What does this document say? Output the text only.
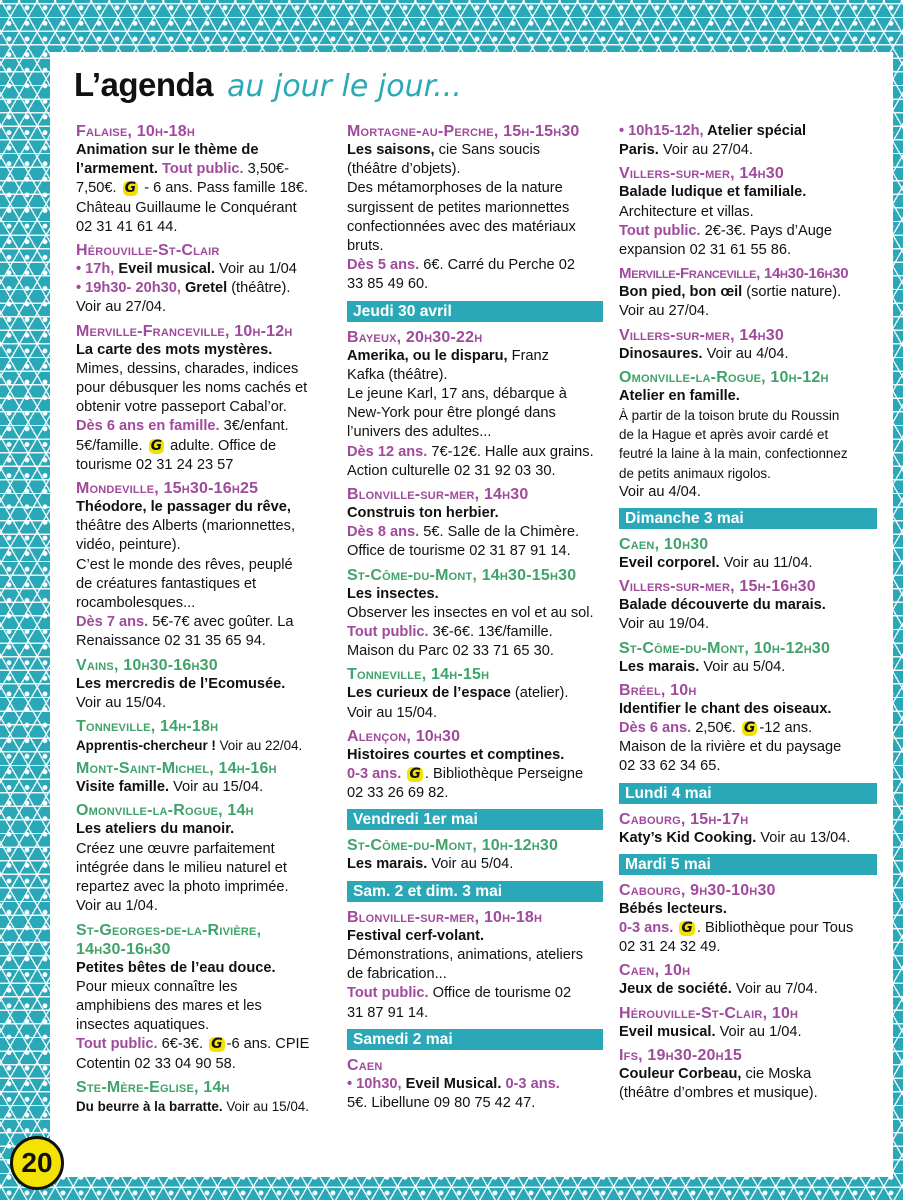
L’agenda au jour le jour...
Falaise, 10h-18h
Animation sur le thème de
l’armement. Tout public. 3,50€-
7,50€. G - 6 ans. Pass famille 18€.
Château Guillaume le Conquérant
02 31 41 61 44.
Hérouville-St-Clair
• 17h, Eveil musical. Voir au 1/04
• 19h30- 20h30, Gretel (théâtre).
Voir au 27/04.
Merville-Franceville, 10h-12h
La carte des mots mystères.
Mimes, dessins, charades, indices
pour débusquer les noms cachés et
obtenir votre passeport Cabal’or.
Dès 6 ans en famille. 3€/enfant.
5€/famille. G adulte. Office de
tourisme 02 31 24 23 57
Mondeville, 15h30-16h25
Théodore, le passager du rêve,
théâtre des Alberts (marionnettes,
vidéo, peinture).
C’est le monde des rêves, peuplé
de créatures fantastiques et
rocambolesques...
Dès 7 ans. 5€-7€ avec goûter. La
Renaissance 02 31 35 65 94.
Vains, 10h30-16h30
Les mercredis de l’Ecomusée.
Voir au 15/04.
Tonneville, 14h-18h
Apprentis-chercheur ! Voir au 22/04.
Mont-Saint-Michel, 14h-16h
Visite famille. Voir au 15/04.
Omonville-la-Rogue, 14h
Les ateliers du manoir.
Créez une œuvre parfaitement
intégrée dans le milieu naturel et
repartez avec la photo imprimée.
Voir au 1/04.
St-Georges-de-la-Rivière,
14h30-16h30
Petites bêtes de l’eau douce.
Pour mieux connaître les
amphibiens des mares et les
insectes aquatiques.
Tout public. 6€-3€. G -6 ans. CPIE
Cotentin 02 33 04 90 58.
Ste-Mère-Eglise, 14h
Du beurre à la barratte. Voir au 15/04.
Mortagne-au-Perche, 15h-15h30
Les saisons, cie Sans soucis
(théâtre d’objets).
Des métamorphoses de la nature
surgissent de petites marionnettes
confectionnées avec des matériaux
bruts.
Dès 5 ans. 6€. Carré du Perche 02
33 85 49 60.
Jeudi 30 avril
Bayeux, 20h30-22h
Amerika, ou le disparu, Franz
Kafka (théâtre).
Le jeune Karl, 17 ans, débarque à
New-York pour être plongé dans
l’univers des adultes...
Dès 12 ans. 7€-12€. Halle aux grains.
Action culturelle 02 31 92 03 30.
Blonville-sur-mer, 14h30
Construis ton herbier.
Dès 8 ans. 5€. Salle de la Chimère.
Office de tourisme 02 31 87 91 14.
St-Côme-du-Mont, 14h30-15h30
Les insectes.
Observer les insectes en vol et au sol.
Tout public. 3€-6€. 13€/famille.
Maison du Parc 02 33 71 65 30.
Tonneville, 14h-15h
Les curieux de l’espace (atelier).
Voir au 15/04.
Alençon, 10h30
Histoires courtes et comptines.
0-3 ans. G . Bibliothèque Perseigne
02 33 26 69 82.
Vendredi 1er mai
St-Côme-du-Mont, 10h-12h30
Les marais. Voir au 5/04.
Sam. 2 et dim. 3 mai
Blonville-sur-mer, 10h-18h
Festival cerf-volant.
Démonstrations, animations, ateliers
de fabrication...
Tout public. Office de tourisme 02
31 87 91 14.
Samedi 2 mai
Caen
• 10h30, Eveil Musical. 0-3 ans.
5€. Libellune 09 80 75 42 47.
• 10h15-12h, Atelier spécial
Paris. Voir au 27/04.
Villers-sur-mer, 14h30
Balade ludique et familiale.
Architecture et villas.
Tout public. 2€-3€. Pays d’Auge
expansion 02 31 61 55 86.
Merville-Franceville, 14h30-16h30
Bon pied, bon œil (sortie nature).
Voir au 27/04.
Villers-sur-mer, 14h30
Dinosaures. Voir au 4/04.
Omonville-la-Rogue, 10h-12h
Atelier en famille.
À partir de la toison brute du Roussin
de la Hague et après avoir cardé et
feutré la laine à la main, confectionnez
de petits animaux rigolos.
Voir au 4/04.
Dimanche 3 mai
Caen, 10h30
Eveil corporel. Voir au 11/04.
Villers-sur-mer, 15h-16h30
Balade découverte du marais.
Voir au 19/04.
St-Côme-du-Mont, 10h-12h30
Les marais. Voir au 5/04.
Bréel, 10h
Identifier le chant des oiseaux.
Dès 6 ans. 2,50€. G -12 ans.
Maison de la rivière et du paysage
02 33 62 34 65.
Lundi 4 mai
Cabourg, 15h-17h
Katy’s Kid Cooking. Voir au 13/04.
Mardi 5 mai
Cabourg, 9h30-10h30
Bébés lecteurs.
0-3 ans. G . Bibliothèque pour Tous
02 31 24 32 49.
Caen, 10h
Jeux de société. Voir au 7/04.
Hérouville-St-Clair, 10h
Eveil musical. Voir au 1/04.
Ifs, 19h30-20h15
Couleur Corbeau, cie Moska
(théâtre d’ombres et musique).
20
